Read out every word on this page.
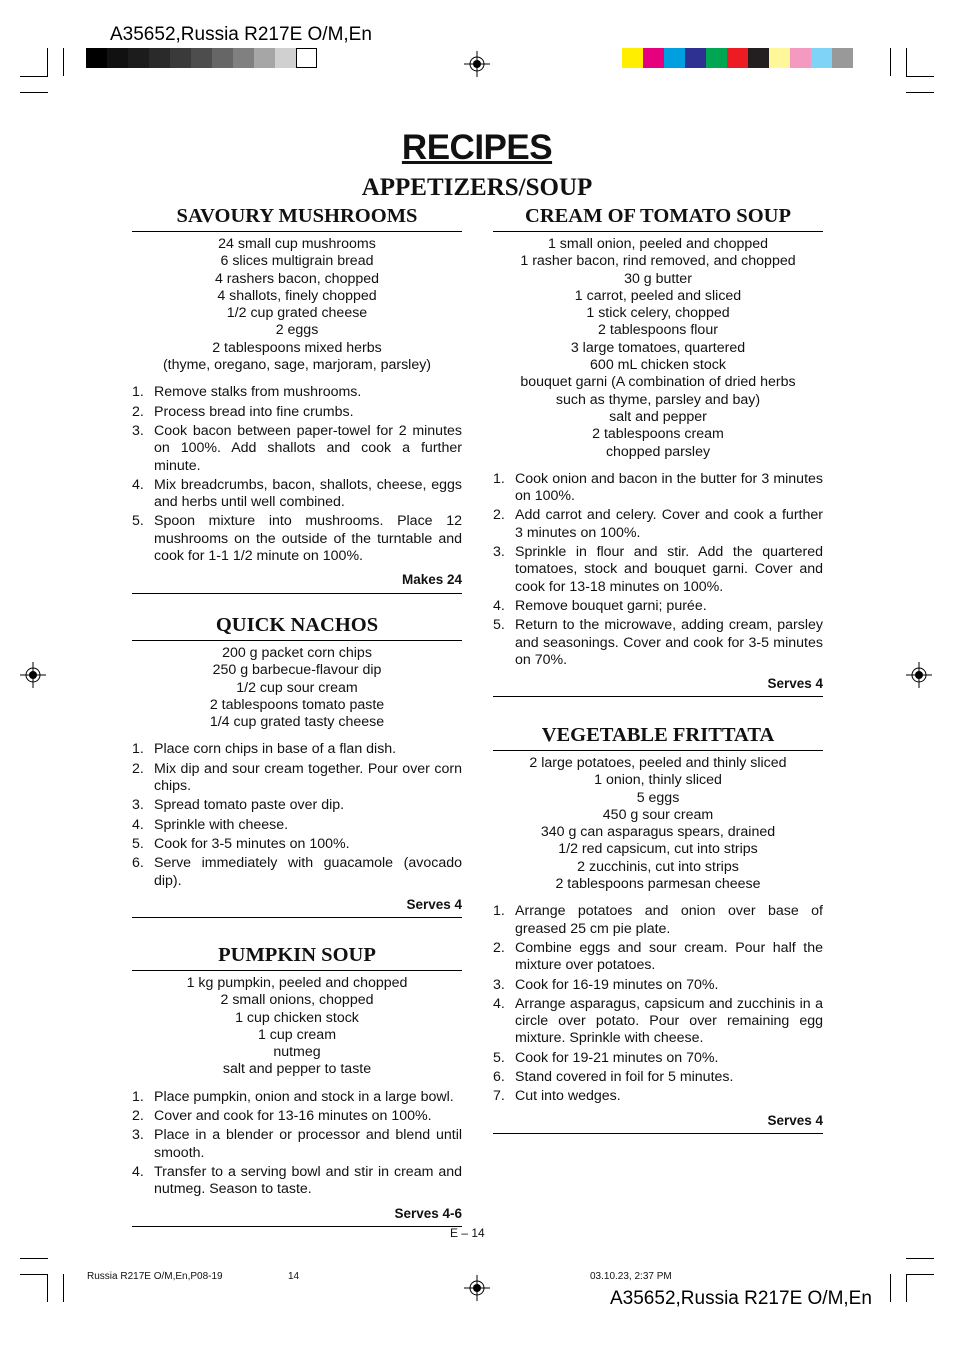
A35652,Russia R217E O/M,En
A35652,Russia R217E O/M,En
RECIPES
APPETIZERS/SOUP
SAVOURY MUSHROOMS
24 small cup mushrooms
6 slices multigrain bread
4 rashers bacon, chopped
4 shallots, finely chopped
1/2 cup grated cheese
2 eggs
2 tablespoons mixed herbs
(thyme, oregano, sage, marjoram, parsley)
1. Remove stalks from mushrooms.
2. Process bread into fine crumbs.
3. Cook bacon between paper-towel for 2 minutes on 100%. Add shallots and cook a further minute.
4. Mix breadcrumbs, bacon, shallots, cheese, eggs and herbs until well combined.
5. Spoon mixture into mushrooms. Place 12 mushrooms on the outside of the turntable and cook for 1-1 1/2 minute on 100%.
Makes 24
QUICK NACHOS
200 g packet corn chips
250 g barbecue-flavour dip
1/2 cup sour cream
2 tablespoons tomato paste
1/4 cup grated tasty cheese
1. Place corn chips in base of a flan dish.
2. Mix dip and sour cream together. Pour over corn chips.
3. Spread tomato paste over dip.
4. Sprinkle with cheese.
5. Cook for 3-5 minutes on 100%.
6. Serve immediately with guacamole (avocado dip).
Serves 4
PUMPKIN SOUP
1 kg pumpkin, peeled and chopped
2 small onions, chopped
1 cup chicken stock
1 cup cream
nutmeg
salt and pepper to taste
1. Place pumpkin, onion and stock in a large bowl.
2. Cover and cook for 13-16 minutes on 100%.
3. Place in a blender or processor and blend until smooth.
4. Transfer to a serving bowl and stir in cream and nutmeg. Season to taste.
Serves 4-6
CREAM OF TOMATO SOUP
1 small onion, peeled and chopped
1 rasher bacon, rind removed, and chopped
30 g butter
1 carrot, peeled and sliced
1 stick celery, chopped
2 tablespoons flour
3 large tomatoes, quartered
600 mL chicken stock
bouquet garni (A combination of dried herbs
such as thyme, parsley and bay)
salt and pepper
2 tablespoons cream
chopped parsley
1. Cook onion and bacon in the butter for 3 minutes on 100%.
2. Add carrot and celery. Cover and cook a further 3 minutes on 100%.
3. Sprinkle in flour and stir. Add the quartered tomatoes, stock and bouquet garni. Cover and cook for 13-18 minutes on 100%.
4. Remove bouquet garni; purée.
5. Return to the microwave, adding cream, parsley and seasonings. Cover and cook for 3-5 minutes on 70%.
Serves 4
VEGETABLE FRITTATA
2 large potatoes, peeled and thinly sliced
1 onion, thinly sliced
5 eggs
450 g sour cream
340 g can asparagus spears, drained
1/2 red capsicum, cut into strips
2 zucchinis, cut into strips
2 tablespoons parmesan cheese
1. Arrange potatoes and onion over base of greased 25 cm pie plate.
2. Combine eggs and sour cream. Pour half the mixture over potatoes.
3. Cook for 16-19 minutes on 70%.
4. Arrange asparagus, capsicum and zucchinis in a circle over potato. Pour over remaining egg mixture. Sprinkle with cheese.
5. Cook for 19-21 minutes on 70%.
6. Stand covered in foil for 5 minutes.
7. Cut into wedges.
Serves 4
E – 14
Russia R217E O/M,En,P08-19	14	03.10.23, 2:37 PM
